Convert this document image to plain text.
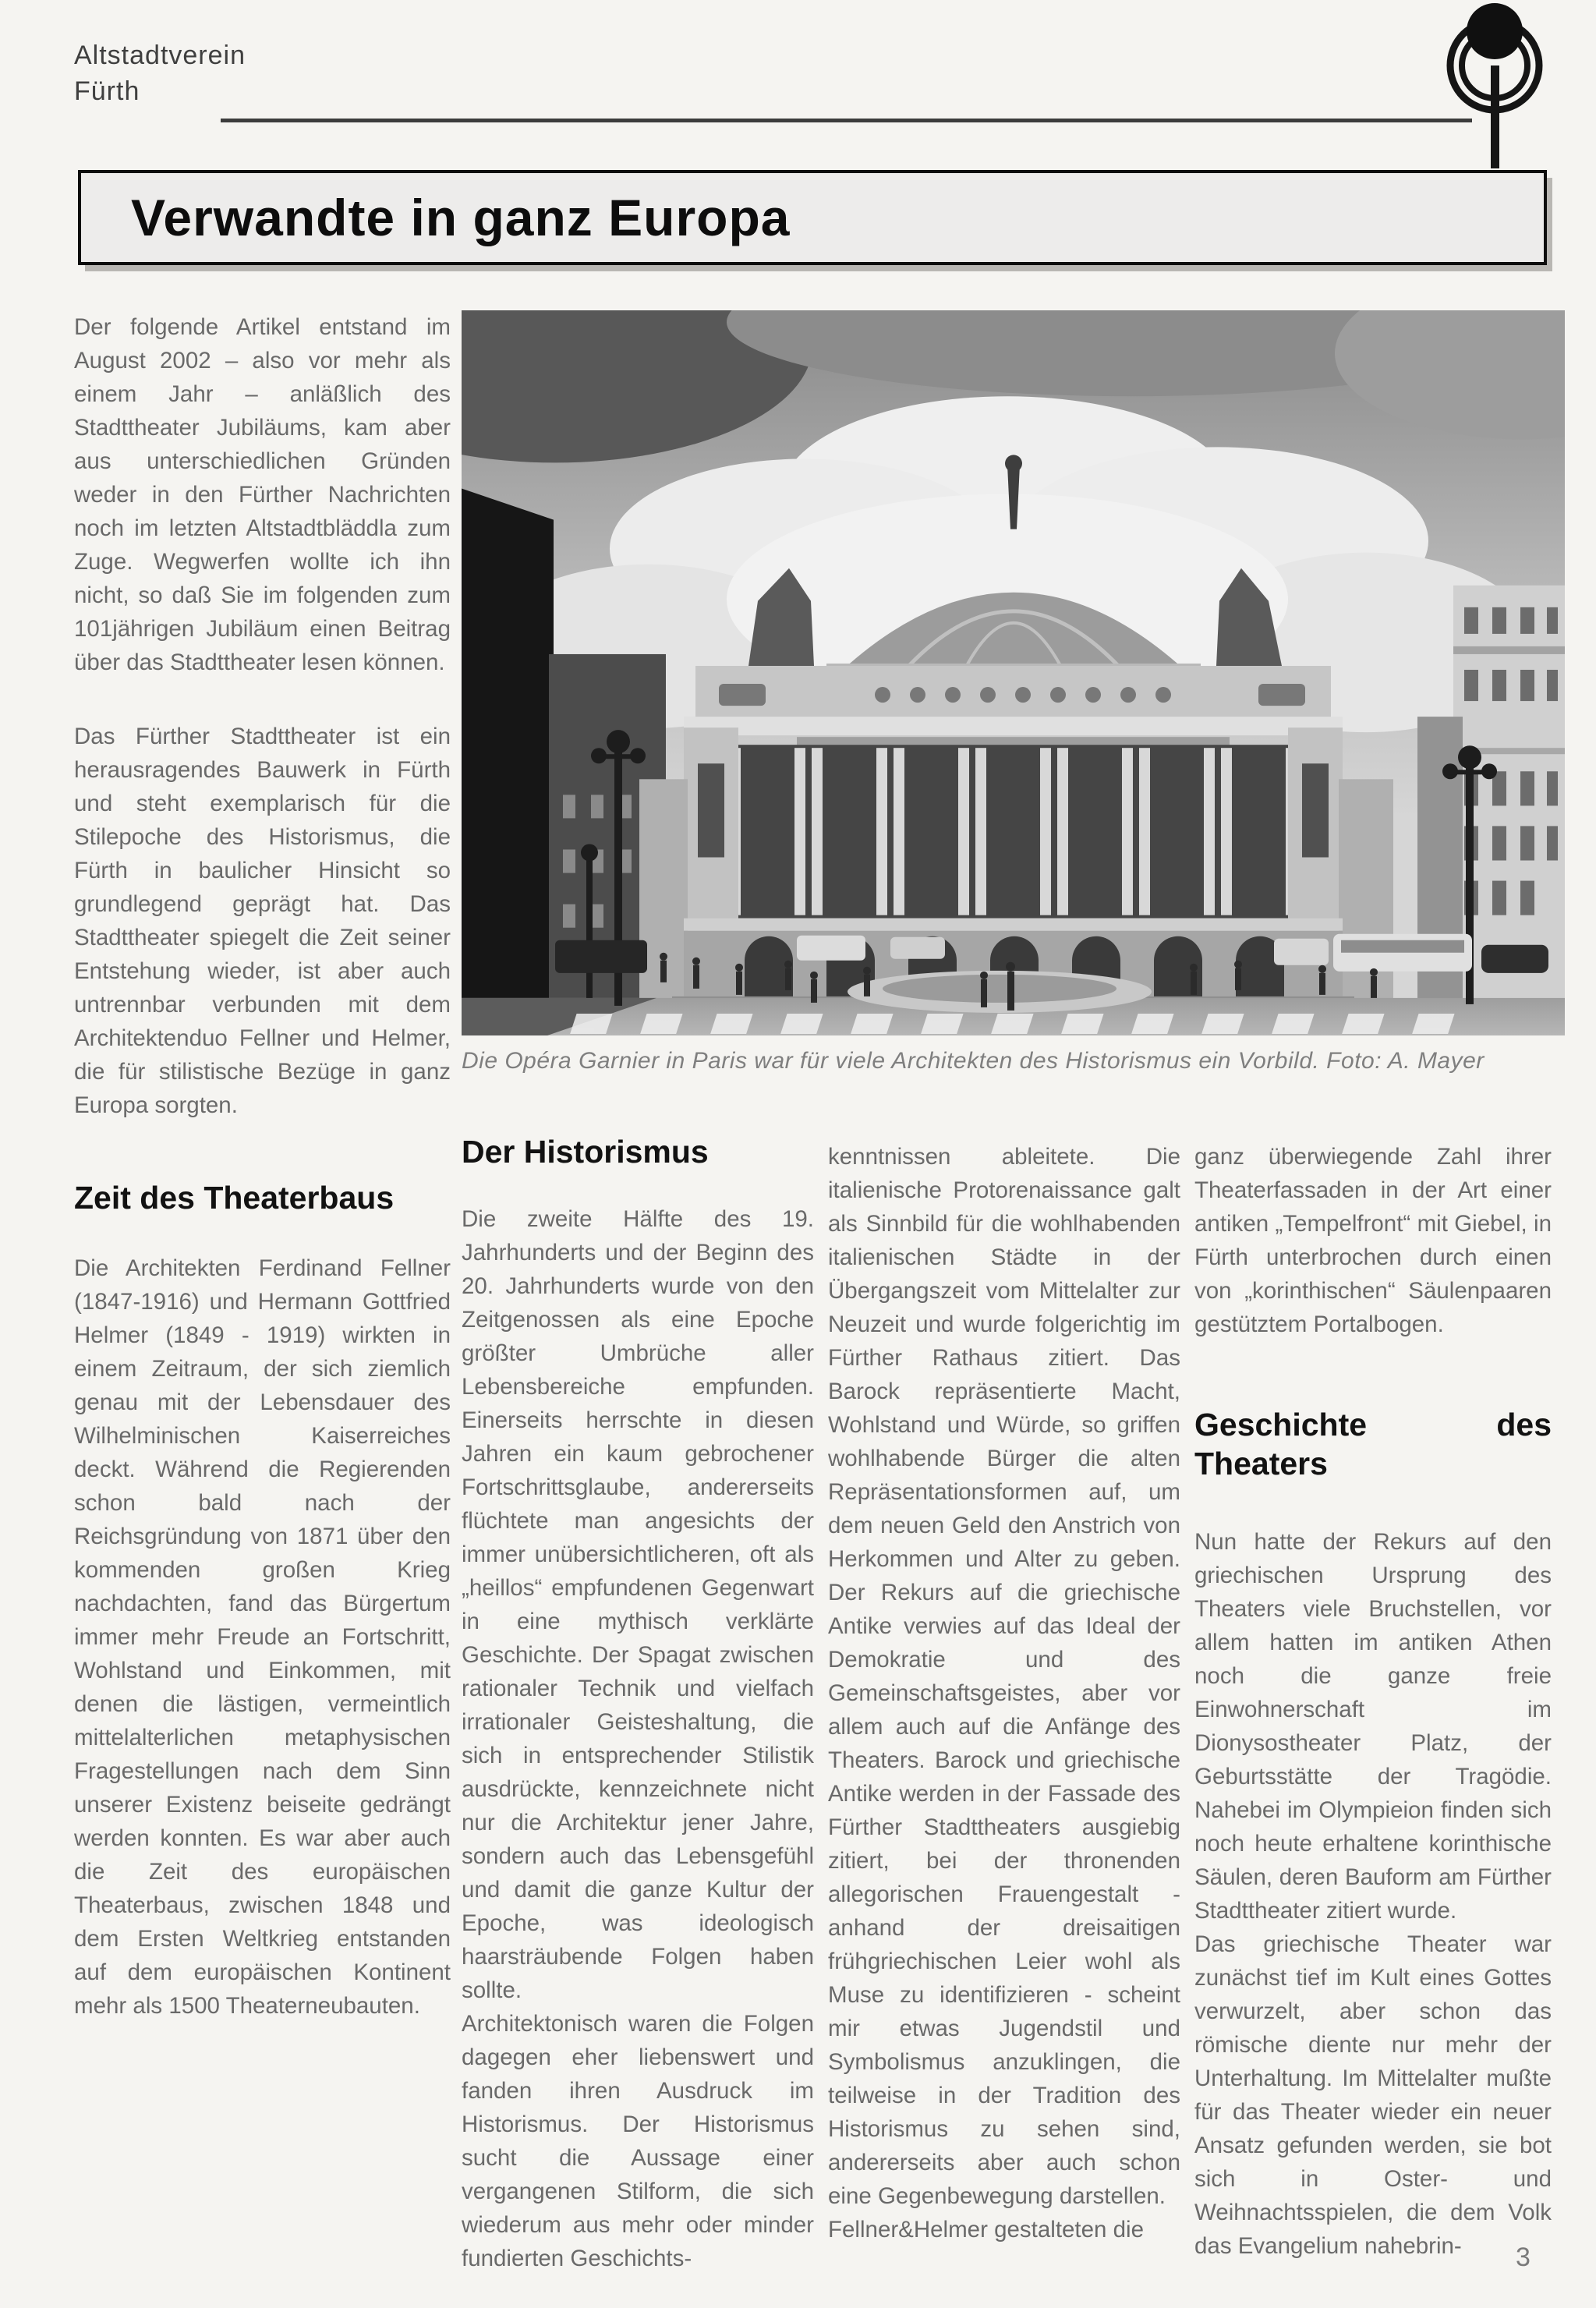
Altstadtverein
Fürth
Verwandte in ganz Europa

Der folgende Artikel entstand im August 2002 – also vor mehr als einem Jahr – anläßlich des Stadttheater Jubiläums, kam aber aus unterschiedlichen Gründen weder in den Fürther Nachrichten noch im letzten Altstadtbläddla zum Zuge. Wegwerfen wollte ich ihn nicht, so daß Sie im folgenden zum 101jährigen Jubiläum einen Beitrag über das Stadttheater lesen können.

Das Fürther Stadttheater ist ein herausragendes Bauwerk in Fürth und steht exemplarisch für die Stilepoche des Historismus, die Fürth in baulicher Hinsicht so grundlegend geprägt hat. Das Stadttheater spiegelt die Zeit seiner Entstehung wieder, ist aber auch untrennbar verbunden mit dem Architektenduo Fellner und Helmer, die für stilistische Bezüge in ganz Europa sorgten.

Zeit des Theaterbaus

Die Architekten Ferdinand Fellner (1847-1916) und Hermann Gottfried Helmer (1849 - 1919) wirkten in einem Zeitraum, der sich ziemlich genau mit der Lebensdauer des Wilhelminischen Kaiserreiches deckt. Während die Regierenden schon bald nach der Reichsgründung von 1871 über den kommenden großen Krieg nachdachten, fand das Bürgertum immer mehr Freude an Fortschritt, Wohlstand und Einkommen, mit denen die lästigen, vermeintlich mittelalterlichen metaphysischen Fragestellungen nach dem Sinn unserer Existenz beiseite gedrängt werden konnten. Es war aber auch die Zeit des europäischen Theaterbaus, zwischen 1848 und dem Ersten Weltkrieg entstanden auf dem europäischen Kontinent mehr als 1500 Theaterneubauten.

Die Opéra Garnier in Paris war für viele Architekten des Historismus ein Vorbild. Foto: A. Mayer
Der Historismus

Die zweite Hälfte des 19. Jahrhunderts und der Beginn des 20. Jahrhunderts wurde von den Zeitgenossen als eine Epoche größter Umbrüche aller Lebensbereiche empfunden. Einerseits herrschte in diesen Jahren ein kaum gebrochener Fortschrittsglaube, andererseits flüchtete man angesichts der immer unübersichtlicheren, oft als „heillos“ empfundenen Gegenwart in eine mythisch verklärte Geschichte. Der Spagat zwischen rationaler Technik und vielfach irrationaler Geisteshaltung, die sich in entsprechender Stilistik ausdrückte, kennzeichnete nicht nur die Architektur jener Jahre, sondern auch das Lebensgefühl und damit die ganze Kultur der Epoche, was ideologisch haarsträubende Folgen haben sollte.

Architektonisch waren die Folgen dagegen eher liebenswert und fanden ihren Ausdruck im Historismus. Der Historismus sucht die Aussage einer vergangenen Stilform, die sich wiederum aus mehr oder minder fundierten Geschichts-

kenntnissen ableitete. Die italienische Protorenaissance galt als Sinnbild für die wohlhabenden italienischen Städte in der Übergangszeit vom Mittelalter zur Neuzeit und wurde folgerichtig im Fürther Rathaus zitiert. Das Barock repräsentierte Macht, Wohlstand und Würde, so griffen wohlhabende Bürger die alten Repräsentationsformen auf, um dem neuen Geld den Anstrich von Herkommen und Alter zu geben. Der Rekurs auf die griechische Antike verwies auf das Ideal der Demokratie und des Gemeinschaftsgeistes, aber vor allem auch auf die Anfänge des Theaters. Barock und griechische Antike werden in der Fassade des Fürther Stadttheaters ausgiebig zitiert, bei der thronenden allegorischen Frauengestalt - anhand der dreisaitigen frühgriechischen Leier wohl als Muse zu identifizieren - scheint mir etwas Jugendstil und Symbolismus anzuklingen, die teilweise in der Tradition des Historismus zu sehen sind, andererseits aber auch schon eine Gegenbewegung darstellen.

Fellner&Helmer gestalteten die

ganz überwiegende Zahl ihrer Theaterfassaden in der Art einer antiken „Tempelfront“ mit Giebel, in Fürth unterbrochen durch einen von „korinthischen“ Säulenpaaren gestütztem Portalbogen.

Geschichte des Theaters

Nun hatte der Rekurs auf den griechischen Ursprung des Theaters viele Bruchstellen, vor allem hatten im antiken Athen noch die ganze freie Einwohnerschaft im Dionysostheater Platz, der Geburtsstätte der Tragödie. Nahebei im Olympieion finden sich noch heute erhaltene korinthische Säulen, deren Bauform am Fürther Stadttheater zitiert wurde.

Das griechische Theater war zunächst tief im Kult eines Gottes verwurzelt, aber schon das römische diente nur mehr der Unterhaltung. Im Mittelalter mußte für das Theater wieder ein neuer Ansatz gefunden werden, sie bot sich in Oster- und Weihnachtsspielen, die dem Volk das Evangelium nahebrin-	3
